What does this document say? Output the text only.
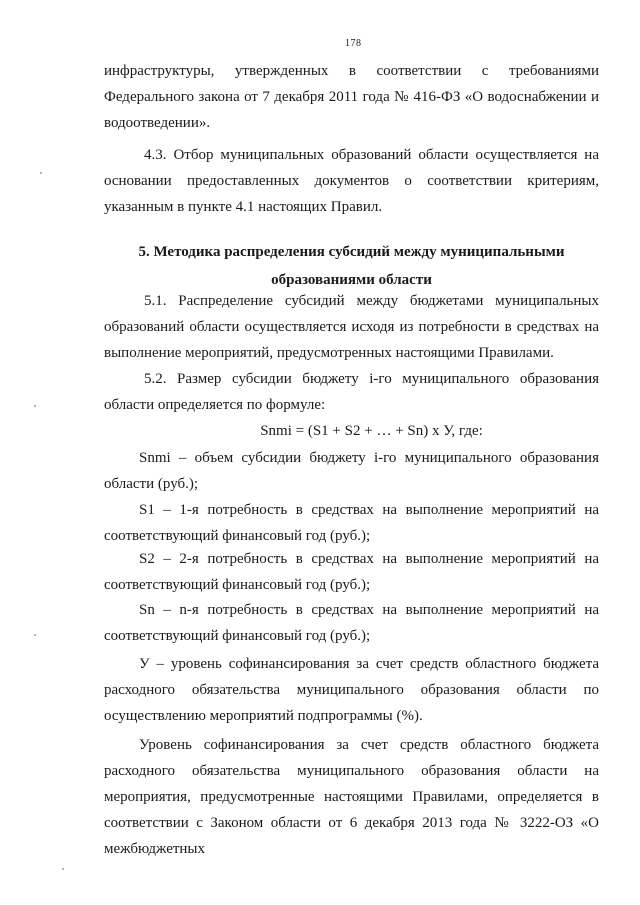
178
инфраструктуры, утвержденных в соответствии с требованиями Федерального закона от 7 декабря 2011 года № 416-ФЗ «О водоснабжении и водоотведении».
4.3. Отбор муниципальных образований области осуществляется на основании предоставленных документов о соответствии критериям, указанным в пункте 4.1 настоящих Правил.
5. Методика распределения субсидий между муниципальными образованиями области
5.1. Распределение субсидий между бюджетами муниципальных образований области осуществляется исходя из потребности в средствах на выполнение мероприятий, предусмотренных настоящими Правилами.
5.2. Размер субсидии бюджету i-го муниципального образования области определяется по формуле:
Snmi = (S1 + S2 + … + Sn) x У, где:
Snmi – объем субсидии бюджету i-го муниципального образования области (руб.);
S1 – 1-я потребность в средствах на выполнение мероприятий на соответствующий финансовый год (руб.);
S2 – 2-я потребность в средствах на выполнение мероприятий на соответствующий финансовый год (руб.);
Sn – n-я потребность в средствах на выполнение мероприятий на соответствующий финансовый год (руб.);
У – уровень софинансирования за счет средств областного бюджета расходного обязательства муниципального образования области по осуществлению мероприятий подпрограммы (%).
Уровень софинансирования за счет средств областного бюджета расходного обязательства муниципального образования области на мероприятия, предусмотренные настоящими Правилами, определяется в соответствии с Законом области от 6 декабря 2013 года № 3222-ОЗ «О межбюджетных
